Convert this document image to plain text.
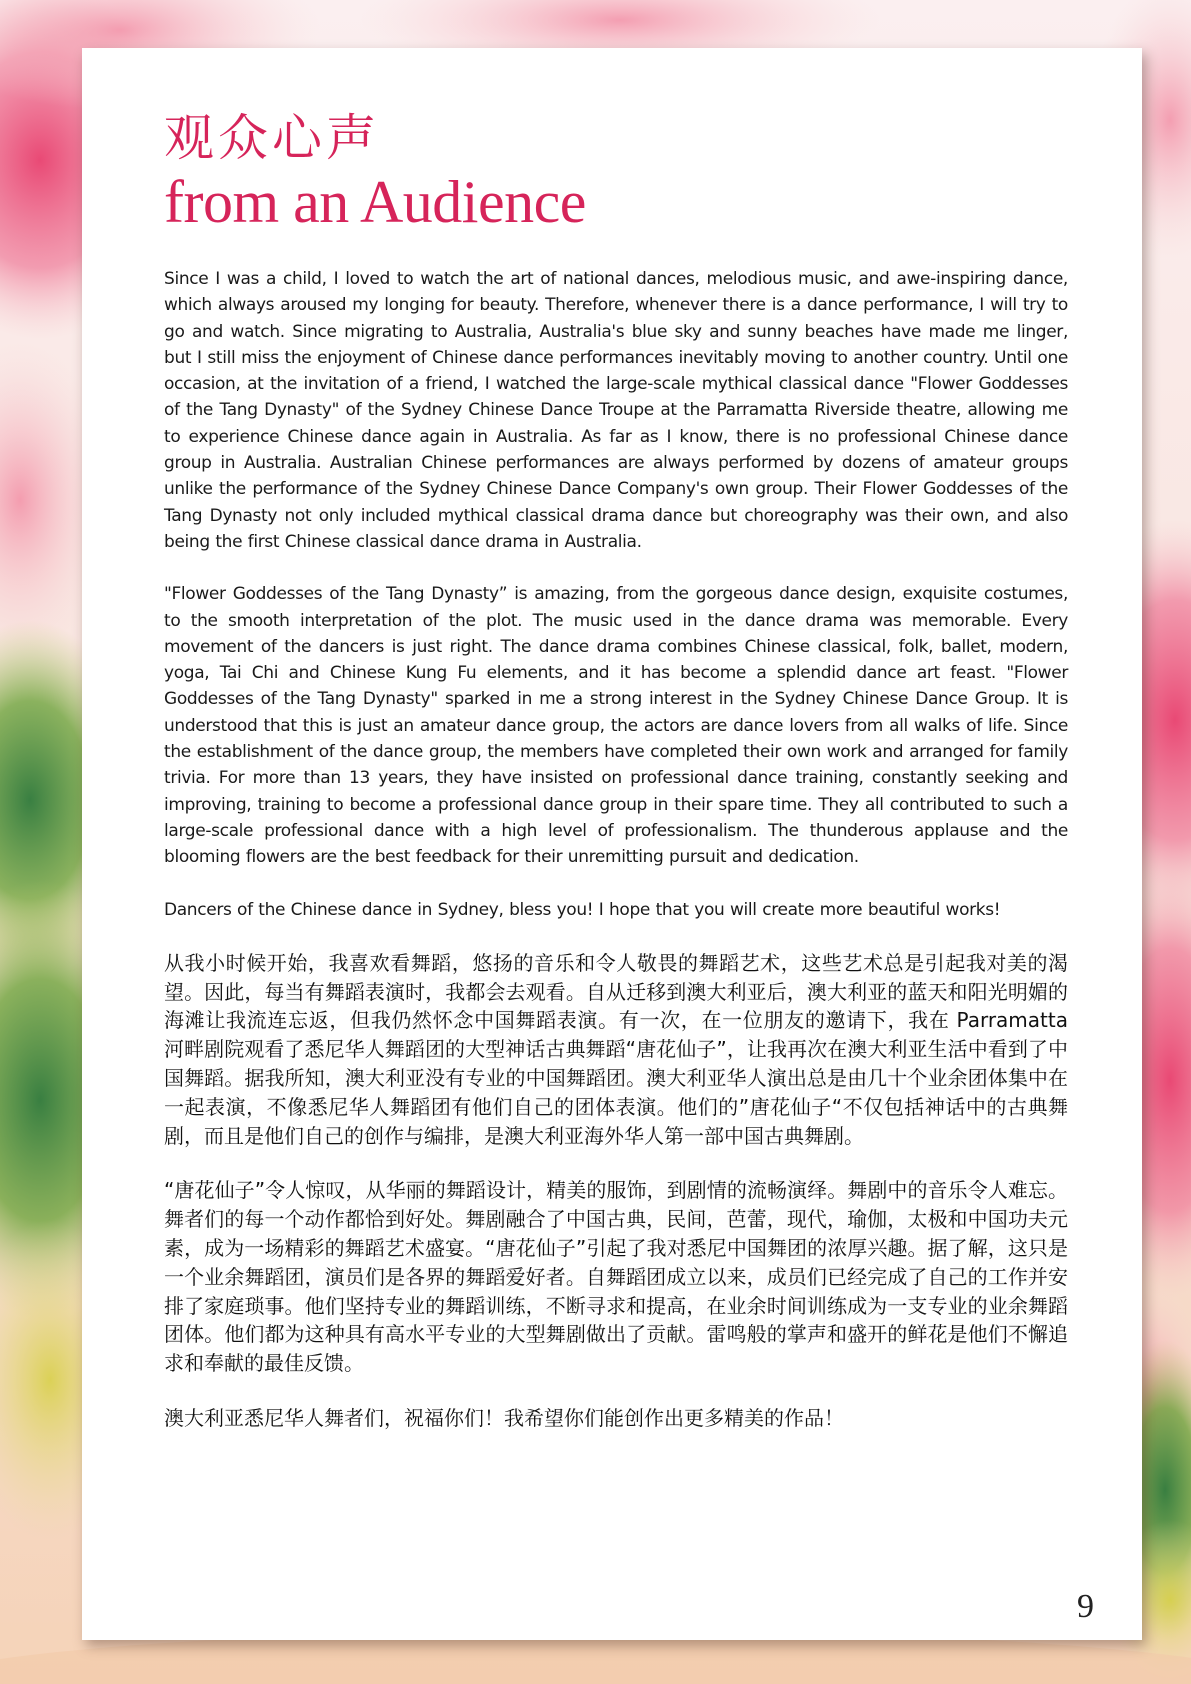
观众心声
from an Audience

Since I was a child, I loved to watch the art of national dances, melodious music, and awe-inspiring dance, which always aroused my longing for beauty. Therefore, whenever there is a dance performance, I will try to go and watch. Since migrating to Australia, Australia's blue sky and sunny beaches have made me linger, but I still miss the enjoyment of Chinese dance performances inevitably moving to another country. Until one occasion, at the invitation of a friend, I watched the large-scale mythical classical dance "Flower Goddesses of the Tang Dynasty" of the Sydney Chinese Dance Troupe at the Parramatta Riverside theatre, allowing me to experience Chinese dance again in Australia. As far as I know, there is no professional Chinese dance group in Australia. Australian Chinese performances are always performed by dozens of amateur groups unlike the performance of the Sydney Chinese Dance Company's own group. Their Flower Goddesses of the Tang Dynasty not only included mythical classical drama dance but choreography was their own, and also being the first Chinese classical dance drama in Australia.

"Flower Goddesses of the Tang Dynasty” is amazing, from the gorgeous dance design, exquisite costumes, to the smooth interpretation of the plot. The music used in the dance drama was memorable. Every movement of the dancers is just right. The dance drama combines Chinese classical, folk, ballet, modern, yoga, Tai Chi and Chinese Kung Fu elements, and it has become a splendid dance art feast. "Flower Goddesses of the Tang Dynasty" sparked in me a strong interest in the Sydney Chinese Dance Group. It is understood that this is just an amateur dance group, the actors are dance lovers from all walks of life. Since the establishment of the dance group, the members have completed their own work and arranged for family trivia. For more than 13 years, they have insisted on professional dance training, constantly seeking and improving, training to become a professional dance group in their spare time. They all contributed to such a large-scale professional dance with a high level of professionalism. The thunderous applause and the blooming flowers are the best feedback for their unremitting pursuit and dedication.

Dancers of the Chinese dance in Sydney, bless you! I hope that you will create more beautiful works!

从我小时候开始，我喜欢看舞蹈，悠扬的音乐和令人敬畏的舞蹈艺术，这些艺术总是引起我对美的渴望。因此，每当有舞蹈表演时，我都会去观看。自从迁移到澳大利亚后，澳大利亚的蓝天和阳光明媚的海滩让我流连忘返，但我仍然怀念中国舞蹈表演。有一次，在一位朋友的邀请下，我在 Parramatta 河畔剧院观看了悉尼华人舞蹈团的大型神话古典舞蹈“唐花仙子”，让我再次在澳大利亚生活中看到了中国舞蹈。据我所知，澳大利亚没有专业的中国舞蹈团。澳大利亚华人演出总是由几十个业余团体集中在一起表演，不像悉尼华人舞蹈团有他们自己的团体表演。他们的”唐花仙子“不仅包括神话中的古典舞剧，而且是他们自己的创作与编排，是澳大利亚海外华人第一部中国古典舞剧。

“唐花仙子”令人惊叹，从华丽的舞蹈设计，精美的服饰，到剧情的流畅演绎。舞剧中的音乐令人难忘。舞者们的每一个动作都恰到好处。舞剧融合了中国古典，民间，芭蕾，现代，瑜伽，太极和中国功夫元素，成为一场精彩的舞蹈艺术盛宴。“唐花仙子”引起了我对悉尼中国舞团的浓厚兴趣。据了解，这只是一个业余舞蹈团，演员们是各界的舞蹈爱好者。自舞蹈团成立以来，成员们已经完成了自己的工作并安排了家庭琐事。他们坚持专业的舞蹈训练，不断寻求和提高，在业余时间训练成为一支专业的业余舞蹈团体。他们都为这种具有高水平专业的大型舞剧做出了贡献。雷鸣般的掌声和盛开的鲜花是他们不懈追求和奉献的最佳反馈。

澳大利亚悉尼华人舞者们，祝福你们！我希望你们能创作出更多精美的作品！

9
